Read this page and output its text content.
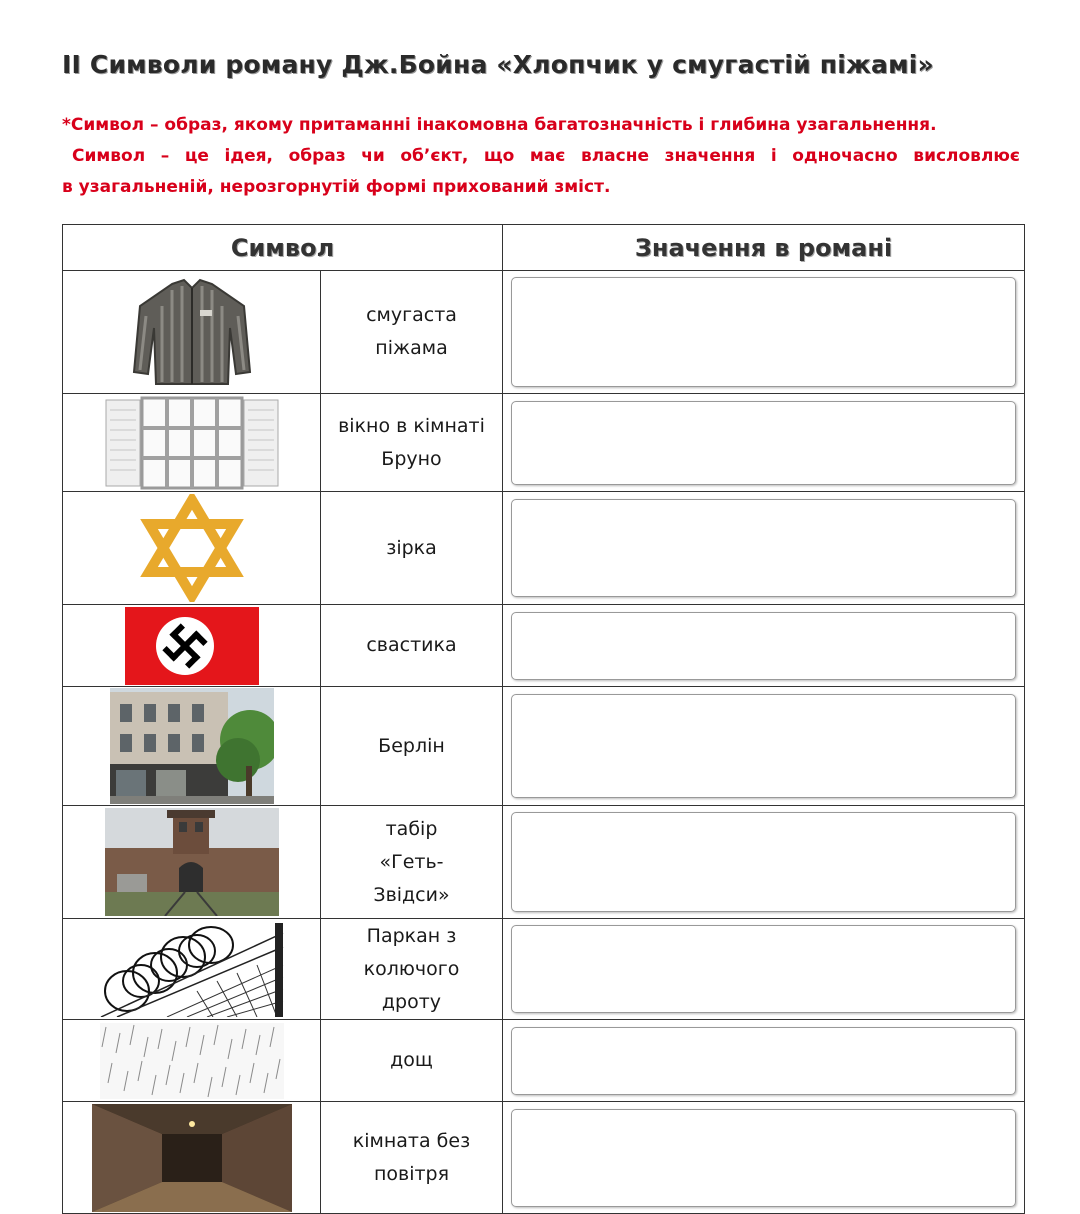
ІІ Символи роману Дж.Бойна «Хлопчик у смугастій піжамі»

*Символ – образ, якому притаманні інакомовна багатозначність і глибина узагальнення.

Символ – це ідея, образ чи об’єкт, що має власне значення і одночасно висловлює

в узагальненій, нерозгорнутій формі прихований зміст.

Символ		Значення в романі

	смугаста піжама	

	вікно в кімнаті Бруно	

	зірка	

	свастика	

	Берлін	

	табір «Геть-Звідси»	

	Паркан з колючого дроту	

	дощ	

	кімната без повітря	
